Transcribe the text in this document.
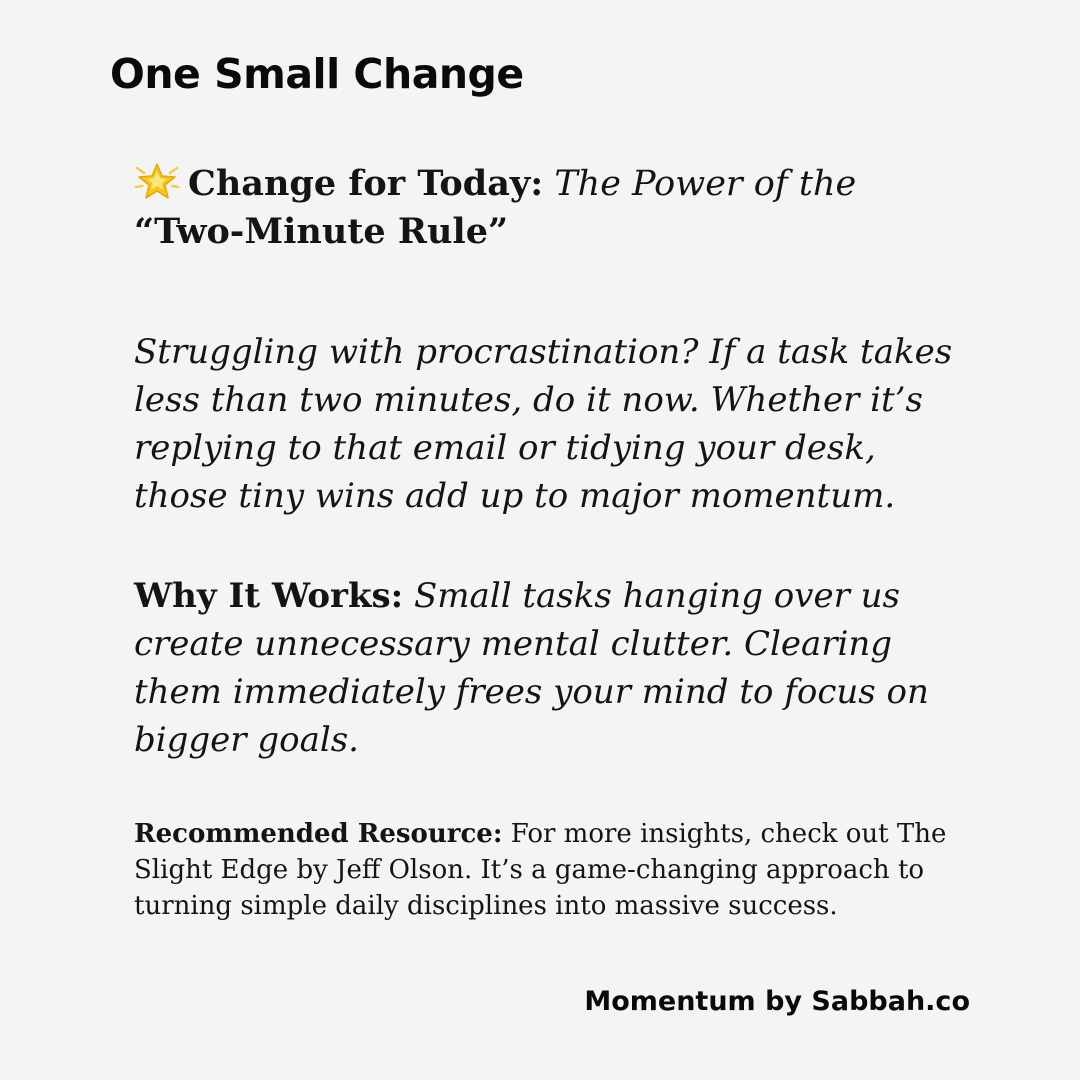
One Small Change

Change for Today: The Power of the
“Two-Minute Rule”

Struggling with procrastination? If a task takes less than two minutes, do it now. Whether it’s replying to that email or tidying your desk, those tiny wins add up to major momentum.

Why It Works: Small tasks hanging over us create unnecessary mental clutter. Clearing them immediately frees your mind to focus on bigger goals.

Recommended Resource: For more insights, check out The Slight Edge by Jeff Olson. It’s a game-changing approach to turning simple daily disciplines into massive success.

Momentum by Sabbah.co
